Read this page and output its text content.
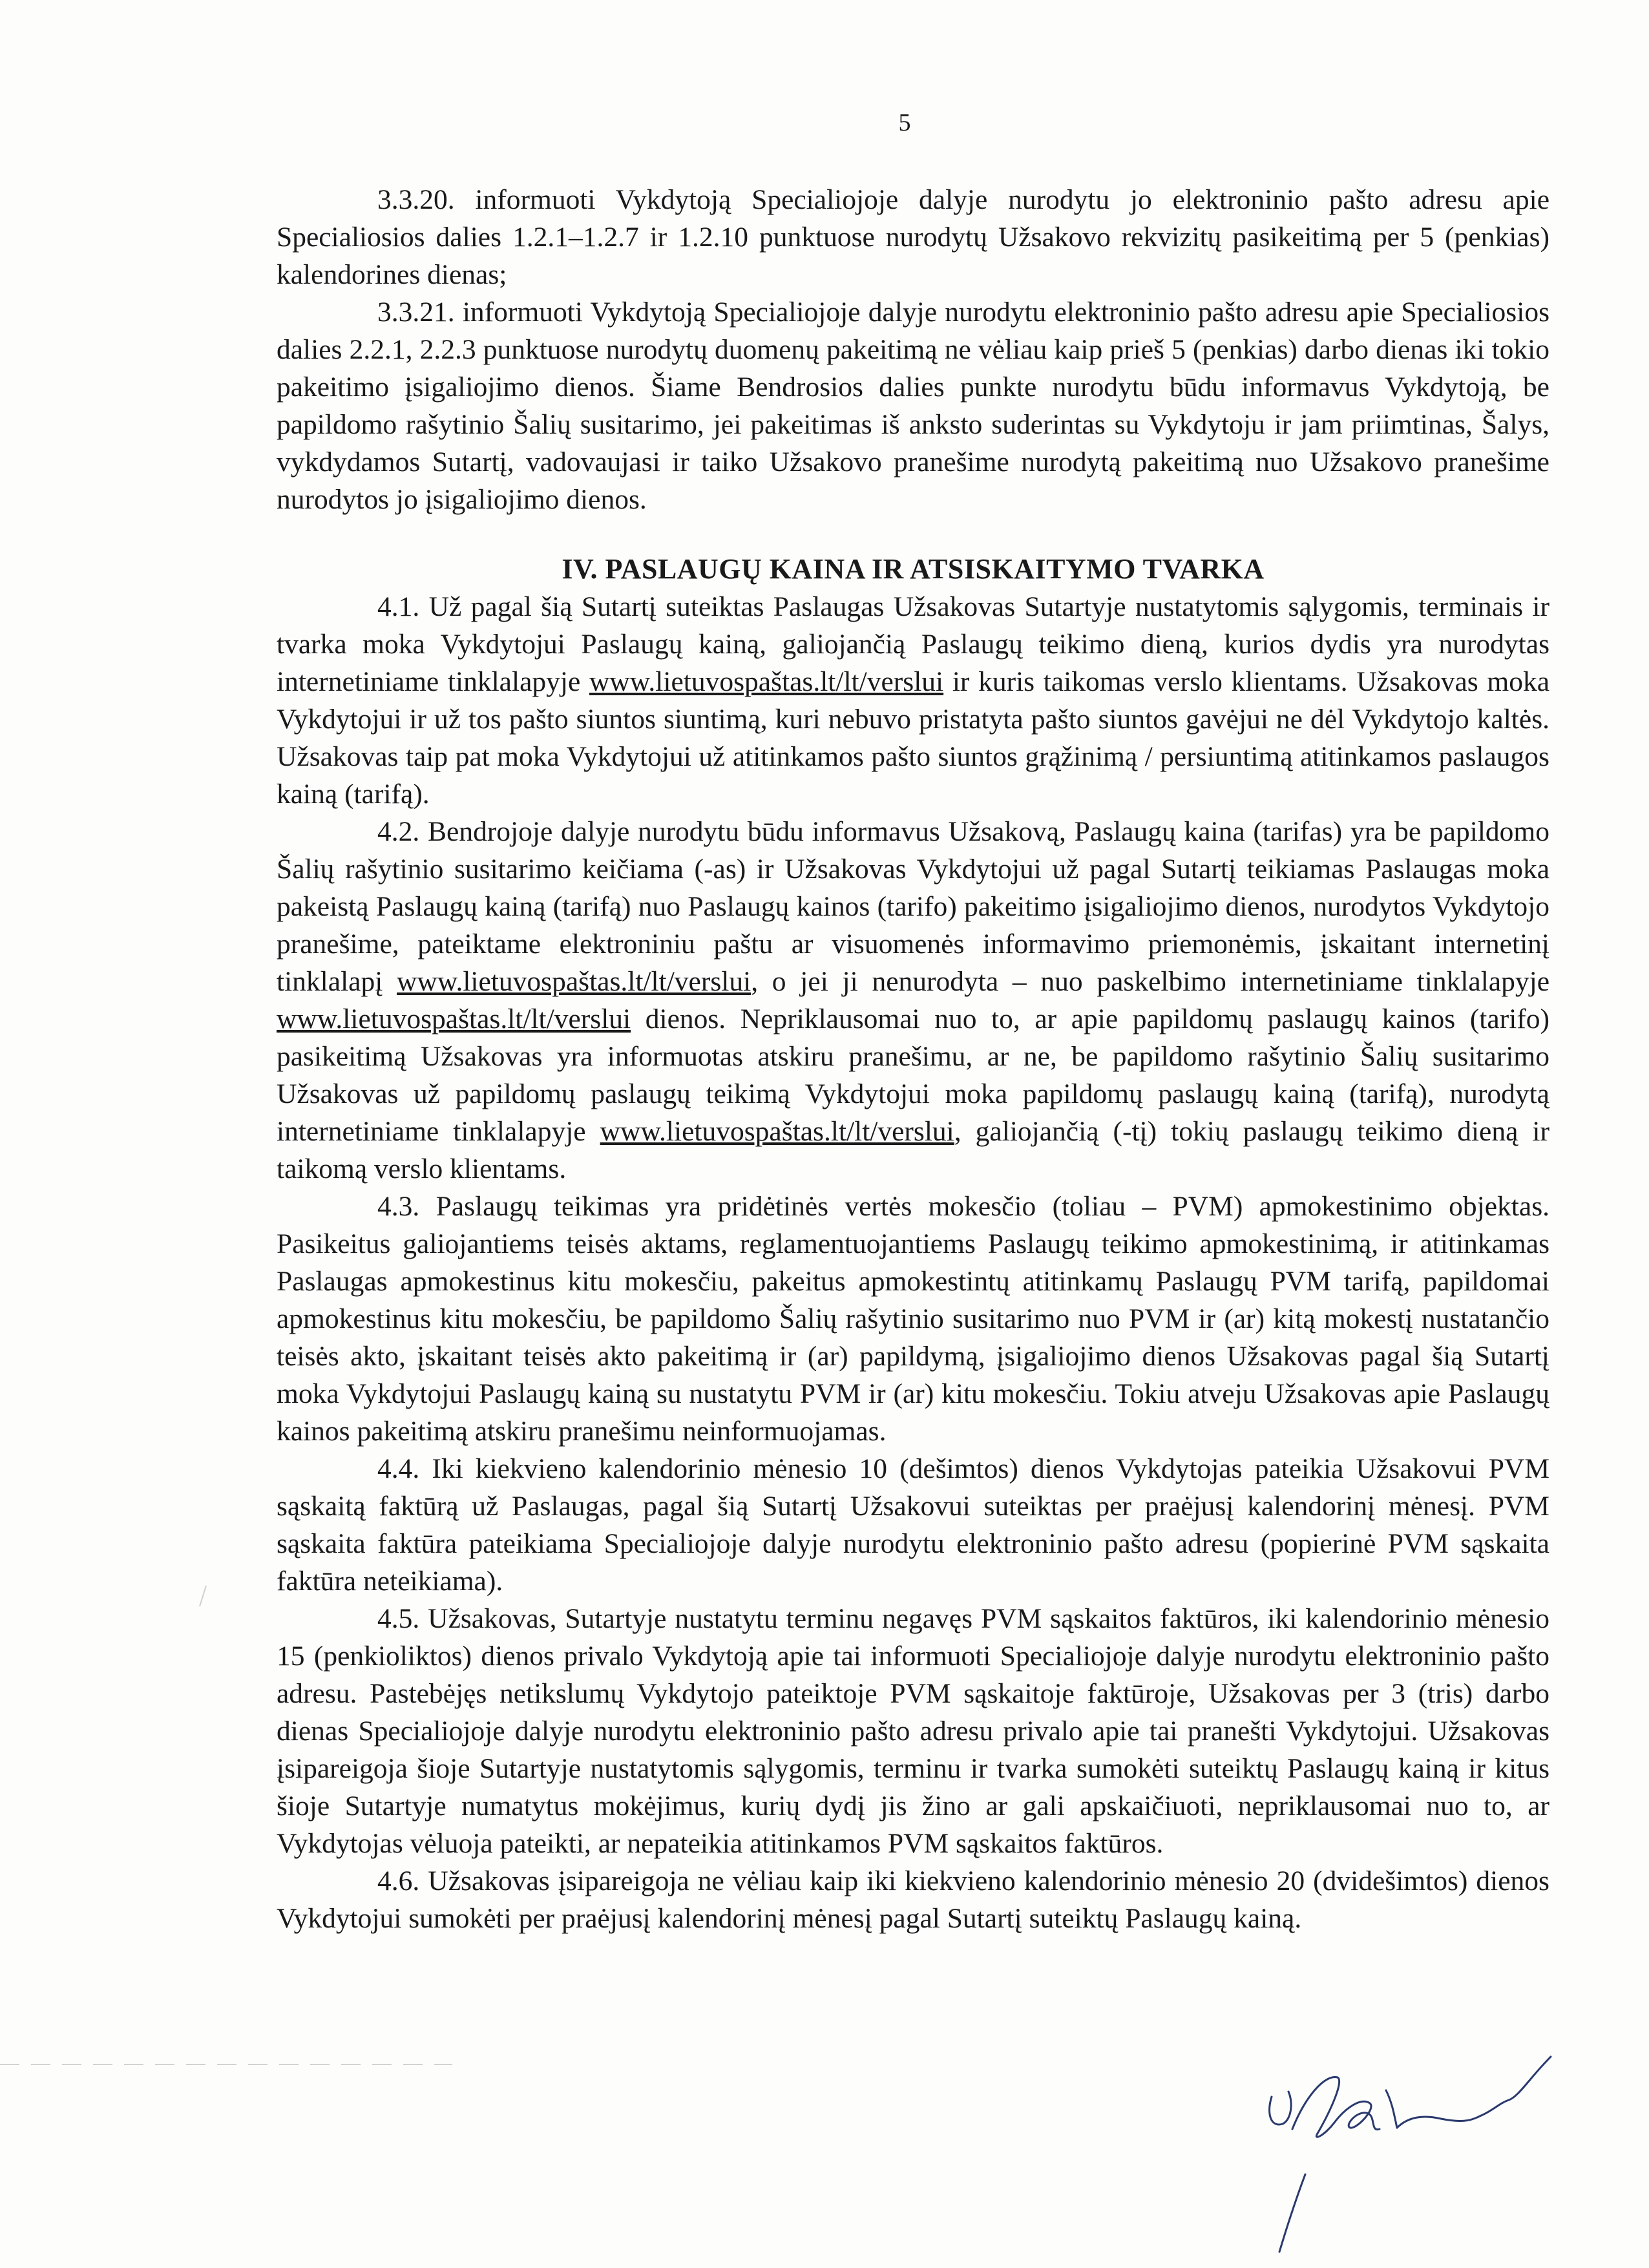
5

3.3.20. informuoti Vykdytoją Specialiojoje dalyje nurodytu jo elektroninio pašto adresu apie Specialiosios dalies 1.2.1–1.2.7 ir 1.2.10 punktuose nurodytų Užsakovo rekvizitų pasikeitimą per 5 (penkias) kalendorines dienas;

3.3.21. informuoti Vykdytoją Specialiojoje dalyje nurodytu elektroninio pašto adresu apie Specialiosios dalies 2.2.1, 2.2.3 punktuose nurodytų duomenų pakeitimą ne vėliau kaip prieš 5 (penkias) darbo dienas iki tokio pakeitimo įsigaliojimo dienos. Šiame Bendrosios dalies punkte nurodytu būdu informavus Vykdytoją, be papildomo rašytinio Šalių susitarimo, jei pakeitimas iš anksto suderintas su Vykdytoju ir jam priimtinas, Šalys, vykdydamos Sutartį, vadovaujasi ir taiko Užsakovo pranešime nurodytą pakeitimą nuo Užsakovo pranešime nurodytos jo įsigaliojimo dienos.

IV. PASLAUGŲ KAINA IR ATSISKAITYMO TVARKA

4.1. Už pagal šią Sutartį suteiktas Paslaugas Užsakovas Sutartyje nustatytomis sąlygomis, terminais ir tvarka moka Vykdytojui Paslaugų kainą, galiojančią Paslaugų teikimo dieną, kurios dydis yra nurodytas internetiniame tinklalapyje www.lietuvospaštas.lt/lt/verslui ir kuris taikomas verslo klientams. Užsakovas moka Vykdytojui ir už tos pašto siuntos siuntimą, kuri nebuvo pristatyta pašto siuntos gavėjui ne dėl Vykdytojo kaltės. Užsakovas taip pat moka Vykdytojui už atitinkamos pašto siuntos grąžinimą / persiuntimą atitinkamos paslaugos kainą (tarifą).

4.2. Bendrojoje dalyje nurodytu būdu informavus Užsakovą, Paslaugų kaina (tarifas) yra be papildomo Šalių rašytinio susitarimo keičiama (-as) ir Užsakovas Vykdytojui už pagal Sutartį teikiamas Paslaugas moka pakeistą Paslaugų kainą (tarifą) nuo Paslaugų kainos (tarifo) pakeitimo įsigaliojimo dienos, nurodytos Vykdytojo pranešime, pateiktame elektroniniu paštu ar visuomenės informavimo priemonėmis, įskaitant internetinį tinklalapį www.lietuvospaštas.lt/lt/verslui, o jei ji nenurodyta – nuo paskelbimo internetiniame tinklalapyje www.lietuvospaštas.lt/lt/verslui dienos. Nepriklausomai nuo to, ar apie papildomų paslaugų kainos (tarifo) pasikeitimą Užsakovas yra informuotas atskiru pranešimu, ar ne, be papildomo rašytinio Šalių susitarimo Užsakovas už papildomų paslaugų teikimą Vykdytojui moka papildomų paslaugų kainą (tarifą), nurodytą internetiniame tinklalapyje www.lietuvospaštas.lt/lt/verslui, galiojančią (-tį) tokių paslaugų teikimo dieną ir taikomą verslo klientams.

4.3. Paslaugų teikimas yra pridėtinės vertės mokesčio (toliau – PVM) apmokestinimo objektas. Pasikeitus galiojantiems teisės aktams, reglamentuojantiems Paslaugų teikimo apmokestinimą, ir atitinkamas Paslaugas apmokestinus kitu mokesčiu, pakeitus apmokestintų atitinkamų Paslaugų PVM tarifą, papildomai apmokestinus kitu mokesčiu, be papildomo Šalių rašytinio susitarimo nuo PVM ir (ar) kitą mokestį nustatančio teisės akto, įskaitant teisės akto pakeitimą ir (ar) papildymą, įsigaliojimo dienos Užsakovas pagal šią Sutartį moka Vykdytojui Paslaugų kainą su nustatytu PVM ir (ar) kitu mokesčiu. Tokiu atveju Užsakovas apie Paslaugų kainos pakeitimą atskiru pranešimu neinformuojamas.

4.4. Iki kiekvieno kalendorinio mėnesio 10 (dešimtos) dienos Vykdytojas pateikia Užsakovui PVM sąskaitą faktūrą už Paslaugas, pagal šią Sutartį Užsakovui suteiktas per praėjusį kalendorinį mėnesį. PVM sąskaita faktūra pateikiama Specialiojoje dalyje nurodytu elektroninio pašto adresu (popierinė PVM sąskaita faktūra neteikiama).

4.5. Užsakovas, Sutartyje nustatytu terminu negavęs PVM sąskaitos faktūros, iki kalendorinio mėnesio 15 (penkioliktos) dienos privalo Vykdytoją apie tai informuoti Specialiojoje dalyje nurodytu elektroninio pašto adresu. Pastebėjęs netikslumų Vykdytojo pateiktoje PVM sąskaitoje faktūroje, Užsakovas per 3 (tris) darbo dienas Specialiojoje dalyje nurodytu elektroninio pašto adresu privalo apie tai pranešti Vykdytojui. Užsakovas įsipareigoja šioje Sutartyje nustatytomis sąlygomis, terminu ir tvarka sumokėti suteiktų Paslaugų kainą ir kitus šioje Sutartyje numatytus mokėjimus, kurių dydį jis žino ar gali apskaičiuoti, nepriklausomai nuo to, ar Vykdytojas vėluoja pateikti, ar nepateikia atitinkamos PVM sąskaitos faktūros.

4.6. Užsakovas įsipareigoja ne vėliau kaip iki kiekvieno kalendorinio mėnesio 20 (dvidešimtos) dienos Vykdytojui sumokėti per praėjusį kalendorinį mėnesį pagal Sutartį suteiktų Paslaugų kainą.
